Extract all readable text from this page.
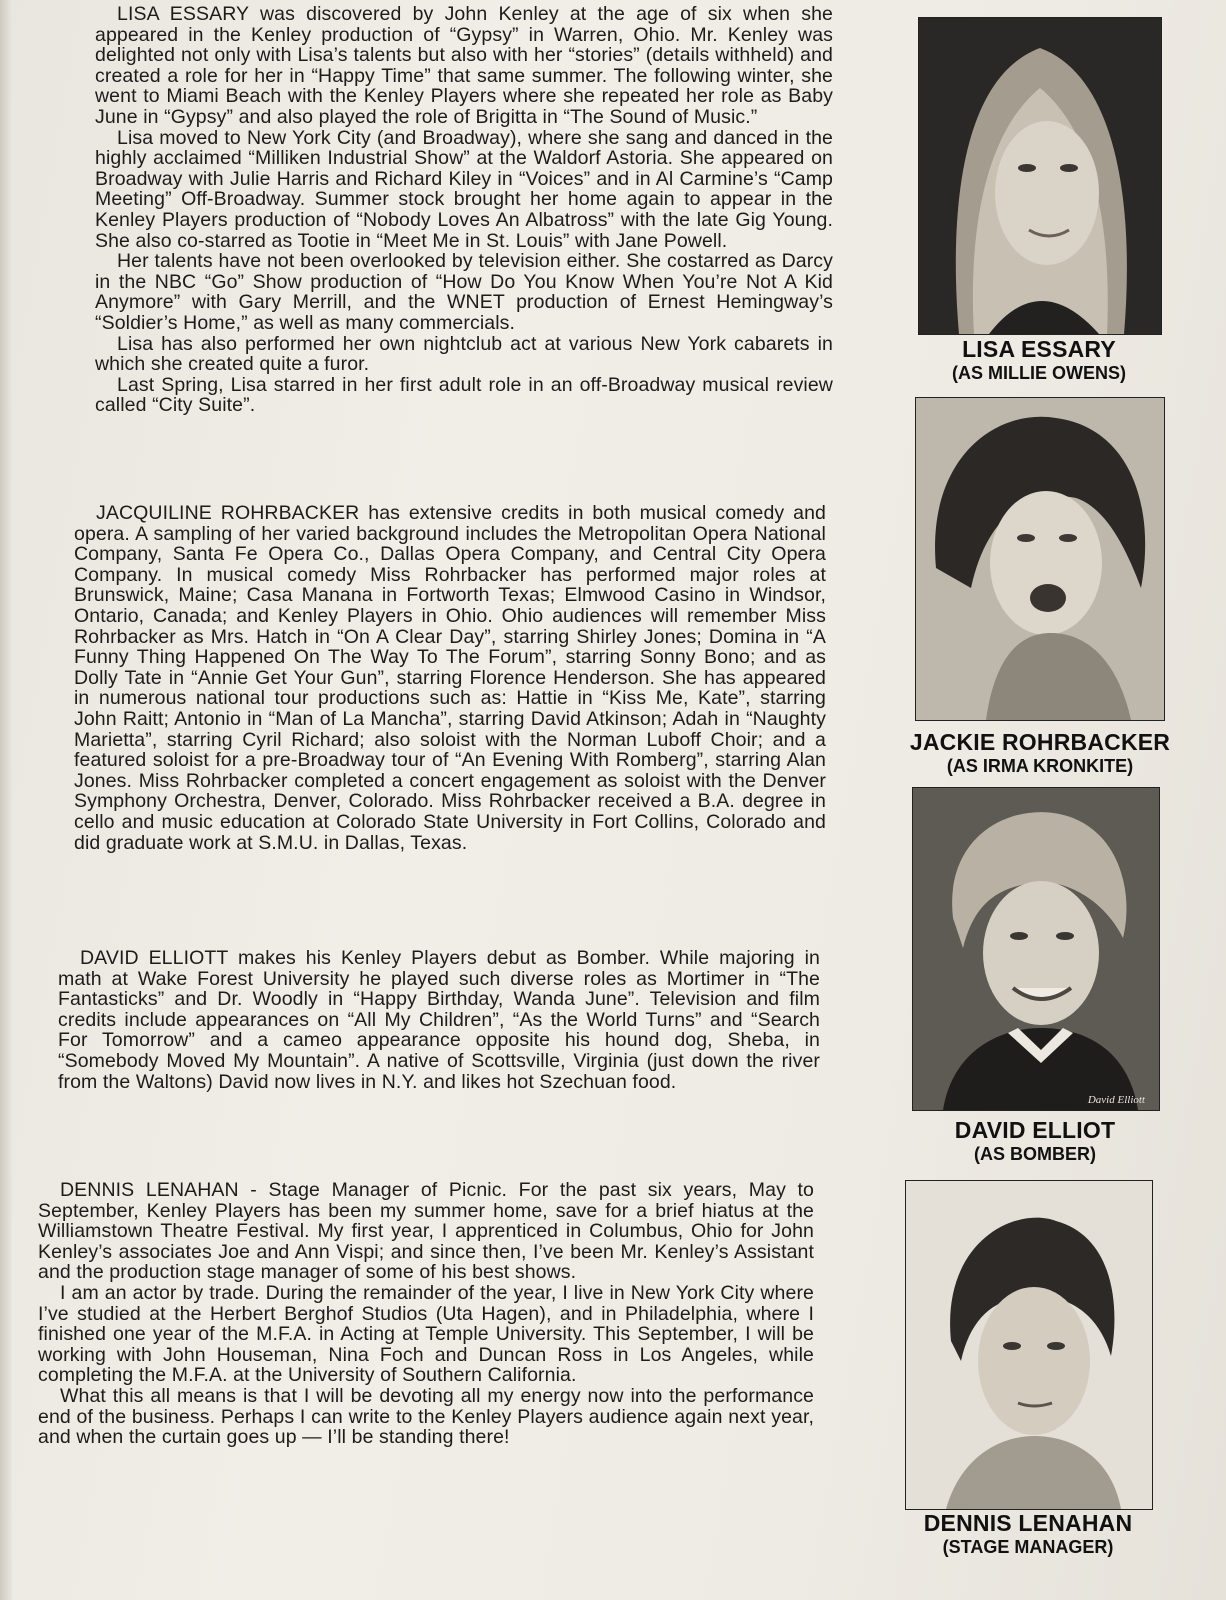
LISA ESSARY was discovered by John Kenley at the age of six when she appeared in the Kenley production of “Gypsy” in Warren, Ohio. Mr. Kenley was delighted not only with Lisa’s talents but also with her “stories” (details withheld) and created a role for her in “Happy Time” that same summer. The following winter, she went to Miami Beach with the Kenley Players where she repeated her role as Baby June in “Gypsy” and also played the role of Brigitta in “The Sound of Music.”

Lisa moved to New York City (and Broadway), where she sang and danced in the highly acclaimed “Milliken Industrial Show” at the Waldorf Astoria. She appeared on Broadway with Julie Harris and Richard Kiley in “Voices” and in Al Carmine’s “Camp Meeting” Off-Broadway. Summer stock brought her home again to appear in the Kenley Players production of “Nobody Loves An Albatross” with the late Gig Young. She also co-starred as Tootie in “Meet Me in St. Louis” with Jane Powell.

Her talents have not been overlooked by television either. She costarred as Darcy in the NBC “Go” Show production of “How Do You Know When You’re Not A Kid Anymore” with Gary Merrill, and the WNET production of Ernest Hemingway’s “Soldier’s Home,” as well as many commercials.

Lisa has also performed her own nightclub act at various New York cabarets in which she created quite a furor.

Last Spring, Lisa starred in her first adult role in an off-Broadway musical review called “City Suite”.

JACQUILINE ROHRBACKER has extensive credits in both musical comedy and opera. A sampling of her varied background includes the Metropolitan Opera National Company, Santa Fe Opera Co., Dallas Opera Company, and Central City Opera Company. In musical comedy Miss Rohrbacker has performed major roles at Brunswick, Maine; Casa Manana in Fortworth Texas; Elmwood Casino in Windsor, Ontario, Canada; and Kenley Players in Ohio. Ohio audiences will remember Miss Rohrbacker as Mrs. Hatch in “On A Clear Day”, starring Shirley Jones; Domina in “A Funny Thing Happened On The Way To The Forum”, starring Sonny Bono; and as Dolly Tate in “Annie Get Your Gun”, starring Florence Henderson. She has appeared in numerous national tour productions such as: Hattie in “Kiss Me, Kate”, starring John Raitt; Antonio in “Man of La Mancha”, starring David Atkinson; Adah in “Naughty Marietta”, starring Cyril Richard; also soloist with the Norman Luboff Choir; and a featured soloist for a pre-Broadway tour of “An Evening With Romberg”, starring Alan Jones. Miss Rohrbacker completed a concert engagement as soloist with the Denver Symphony Orchestra, Denver, Colorado. Miss Rohrbacker received a B.A. degree in cello and music education at Colorado State University in Fort Collins, Colorado and did graduate work at S.M.U. in Dallas, Texas.

DAVID ELLIOTT makes his Kenley Players debut as Bomber. While majoring in math at Wake Forest University he played such diverse roles as Mortimer in “The Fantasticks” and Dr. Woodly in “Happy Birthday, Wanda June”. Television and film credits include appearances on “All My Children”, “As the World Turns” and “Search For Tomorrow” and a cameo appearance opposite his hound dog, Sheba, in “Somebody Moved My Mountain”. A native of Scottsville, Virginia (just down the river from the Waltons) David now lives in N.Y. and likes hot Szechuan food.

DENNIS LENAHAN - Stage Manager of Picnic. For the past six years, May to September, Kenley Players has been my summer home, save for a brief hiatus at the Williamstown Theatre Festival. My first year, I apprenticed in Columbus, Ohio for John Kenley’s associates Joe and Ann Vispi; and since then, I’ve been Mr. Kenley’s Assistant and the production stage manager of some of his best shows.

I am an actor by trade. During the remainder of the year, I live in New York City where I’ve studied at the Herbert Berghof Studios (Uta Hagen), and in Philadelphia, where I finished one year of the M.F.A. in Acting at Temple University. This September, I will be working with John Houseman, Nina Foch and Duncan Ross in Los Angeles, while completing the M.F.A. at the University of Southern California.

What this all means is that I will be devoting all my energy now into the performance end of the business. Perhaps I can write to the Kenley Players audience again next year, and when the curtain goes up — I’ll be standing there!

LISA ESSARY
(AS MILLIE OWENS)
JACKIE ROHRBACKER
(AS IRMA KRONKITE)
David Elliott
DAVID ELLIOT
(AS BOMBER)
DENNIS LENAHAN
(STAGE MANAGER)
